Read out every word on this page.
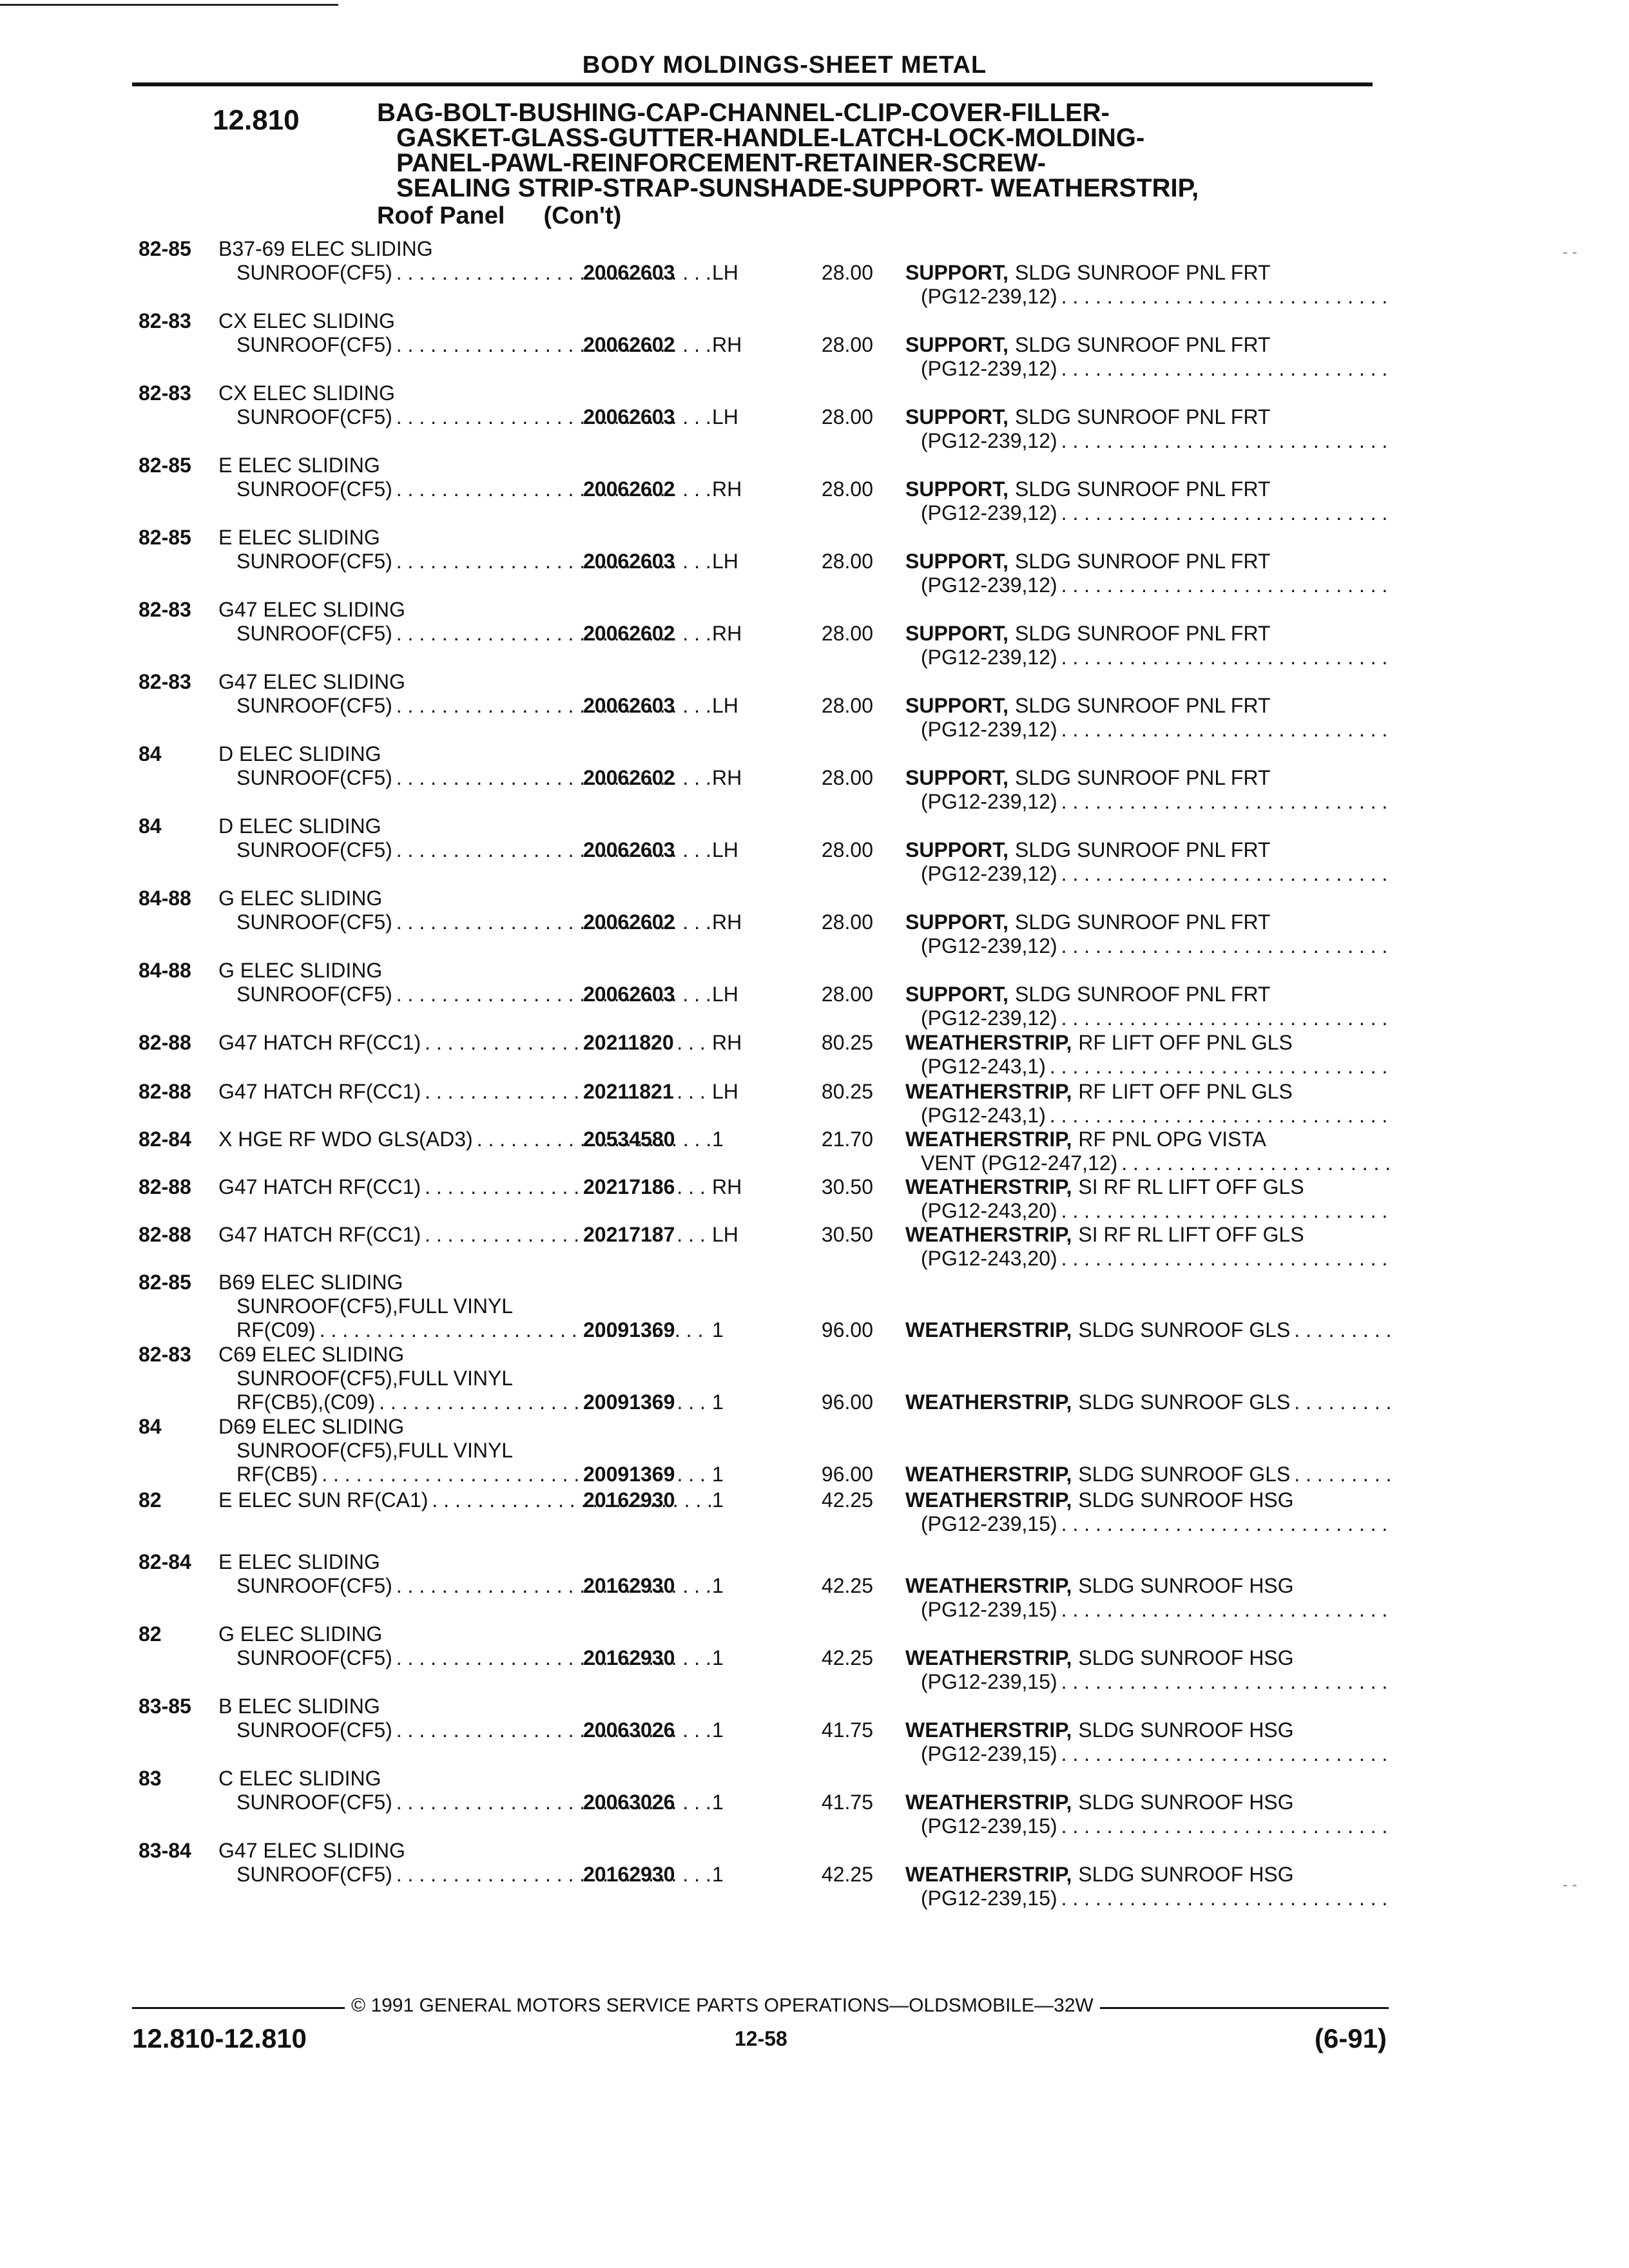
BODY MOLDINGS-SHEET METAL
12.810	BAG-BOLT-BUSHING-CAP-CHANNEL-CLIP-COVER-FILLER-
GASKET-GLASS-GUTTER-HANDLE-LATCH-LOCK-MOLDING-
PANEL-PAWL-REINFORCEMENT-RETAINER-SCREW-
SEALING STRIP-STRAP-SUNSHADE-SUPPORT- WEATHERSTRIP,
Roof Panel (Con't)
82-85	B37-69 ELEC SLIDING
SUNROOF(CF5) . . .	20062603	LH	28.00 SUPPORT, SLDG SUNROOF PNL FRT
(PG12-239,12)
. . .
82-83	CX ELEC SLIDING
SUNROOF(CF5) . . .	20062602	RH	28.00 SUPPORT, SLDG SUNROOF PNL FRT
(PG12-239,12)
. . .
82-83	CX ELEC SLIDING
SUNROOF(CF5) . . .	20062603	LH	28.00 SUPPORT, SLDG SUNROOF PNL FRT
(PG12-239,12)
. . .
82-85	E ELEC SLIDING
SUNROOF(CF5) . . .	20062602	RH	28.00 SUPPORT, SLDG SUNROOF PNL FRT
(PG12-239,12)
. . .
82-85	E ELEC SLIDING
SUNROOF(CF5) . . .	20062603	LH	28.00 SUPPORT, SLDG SUNROOF PNL FRT
(PG12-239,12)
. . .
82-83	G47 ELEC SLIDING
SUNROOF(CF5) . . .	20062602	RH	28.00 SUPPORT, SLDG SUNROOF PNL FRT
(PG12-239,12)
. . .
82-83	G47 ELEC SLIDING
SUNROOF(CF5) . . .	20062603	LH	28.00 SUPPORT, SLDG SUNROOF PNL FRT
(PG12-239,12)
. . .
84	D ELEC SLIDING
SUNROOF(CF5) . . .	20062602	RH	28.00 SUPPORT, SLDG SUNROOF PNL FRT
(PG12-239,12)
. . .
84	D ELEC SLIDING
SUNROOF(CF5) . . .	20062603	LH	28.00 SUPPORT, SLDG SUNROOF PNL FRT
(PG12-239,12)
. . .
84-88	G ELEC SLIDING
SUNROOF(CF5) . . .	20062602	RH	28.00 SUPPORT, SLDG SUNROOF PNL FRT
(PG12-239,12)
. . .
84-88	G ELEC SLIDING
SUNROOF(CF5) . . .	20062603	LH	28.00 SUPPORT, SLDG SUNROOF PNL FRT
(PG12-239,12)
. . .
82-88	G47 HATCH RF(CC1) . . .	20211820	RH	80.25 WEATHERSTRIP, RF LIFT OFF PNL GLS
(PG12-243,1)
. . .
82-88	G47 HATCH RF(CC1) . . .	20211821	LH	80.25 WEATHERSTRIP, RF LIFT OFF PNL GLS
(PG12-243,1)
. . .
82-84	X HGE RF WDO GLS(AD3) . . .	20534580	1	21.70 WEATHERSTRIP, RF PNL OPG VISTA
VENT (PG12-247,12)
. . .
82-88	G47 HATCH RF(CC1) . . .	20217186	RH	30.50 WEATHERSTRIP, SI RF RL LIFT OFF GLS
(PG12-243,20)
. . .
82-88	G47 HATCH RF(CC1) . . .	20217187	LH	30.50 WEATHERSTRIP, SI RF RL LIFT OFF GLS
(PG12-243,20)
. . .
82-85	B69 ELEC SLIDING
SUNROOF(CF5),FULL VINYL
RF(C09) . . .	20091369	1	96.00 WEATHERSTRIP, SLDG SUNROOF GLS
. . .
82-83	C69 ELEC SLIDING
SUNROOF(CF5),FULL VINYL
RF(CB5),(C09) . . .	20091369	1	96.00 WEATHERSTRIP, SLDG SUNROOF GLS
. . .
84	D69 ELEC SLIDING
SUNROOF(CF5),FULL VINYL
RF(CB5) . . .	20091369	1	96.00 WEATHERSTRIP, SLDG SUNROOF GLS
. . .
82	E ELEC SUN RF(CA1) . . .	20162930	1	42.25 WEATHERSTRIP, SLDG SUNROOF HSG
(PG12-239,15)
. . .
82-84	E ELEC SLIDING
SUNROOF(CF5) . . .	20162930	1	42.25 WEATHERSTRIP, SLDG SUNROOF HSG
(PG12-239,15)
. . .
82	G ELEC SLIDING
SUNROOF(CF5) . . .	20162930	1	42.25 WEATHERSTRIP, SLDG SUNROOF HSG
(PG12-239,15)
. . .
83-85	B ELEC SLIDING
SUNROOF(CF5) . . .	20063026	1	41.75 WEATHERSTRIP, SLDG SUNROOF HSG
(PG12-239,15)
. . .
83	C ELEC SLIDING
SUNROOF(CF5) . . .	20063026	1	41.75 WEATHERSTRIP, SLDG SUNROOF HSG
(PG12-239,15)
. . .
83-84	G47 ELEC SLIDING
SUNROOF(CF5) . . .	20162930	1	42.25 WEATHERSTRIP, SLDG SUNROOF HSG
(PG12-239,15)
. . .
© 1991 GENERAL MOTORS SERVICE PARTS OPERATIONS—OLDSMOBILE—32W
12.810-12.810	12-58	(6-91)
- -
- -
